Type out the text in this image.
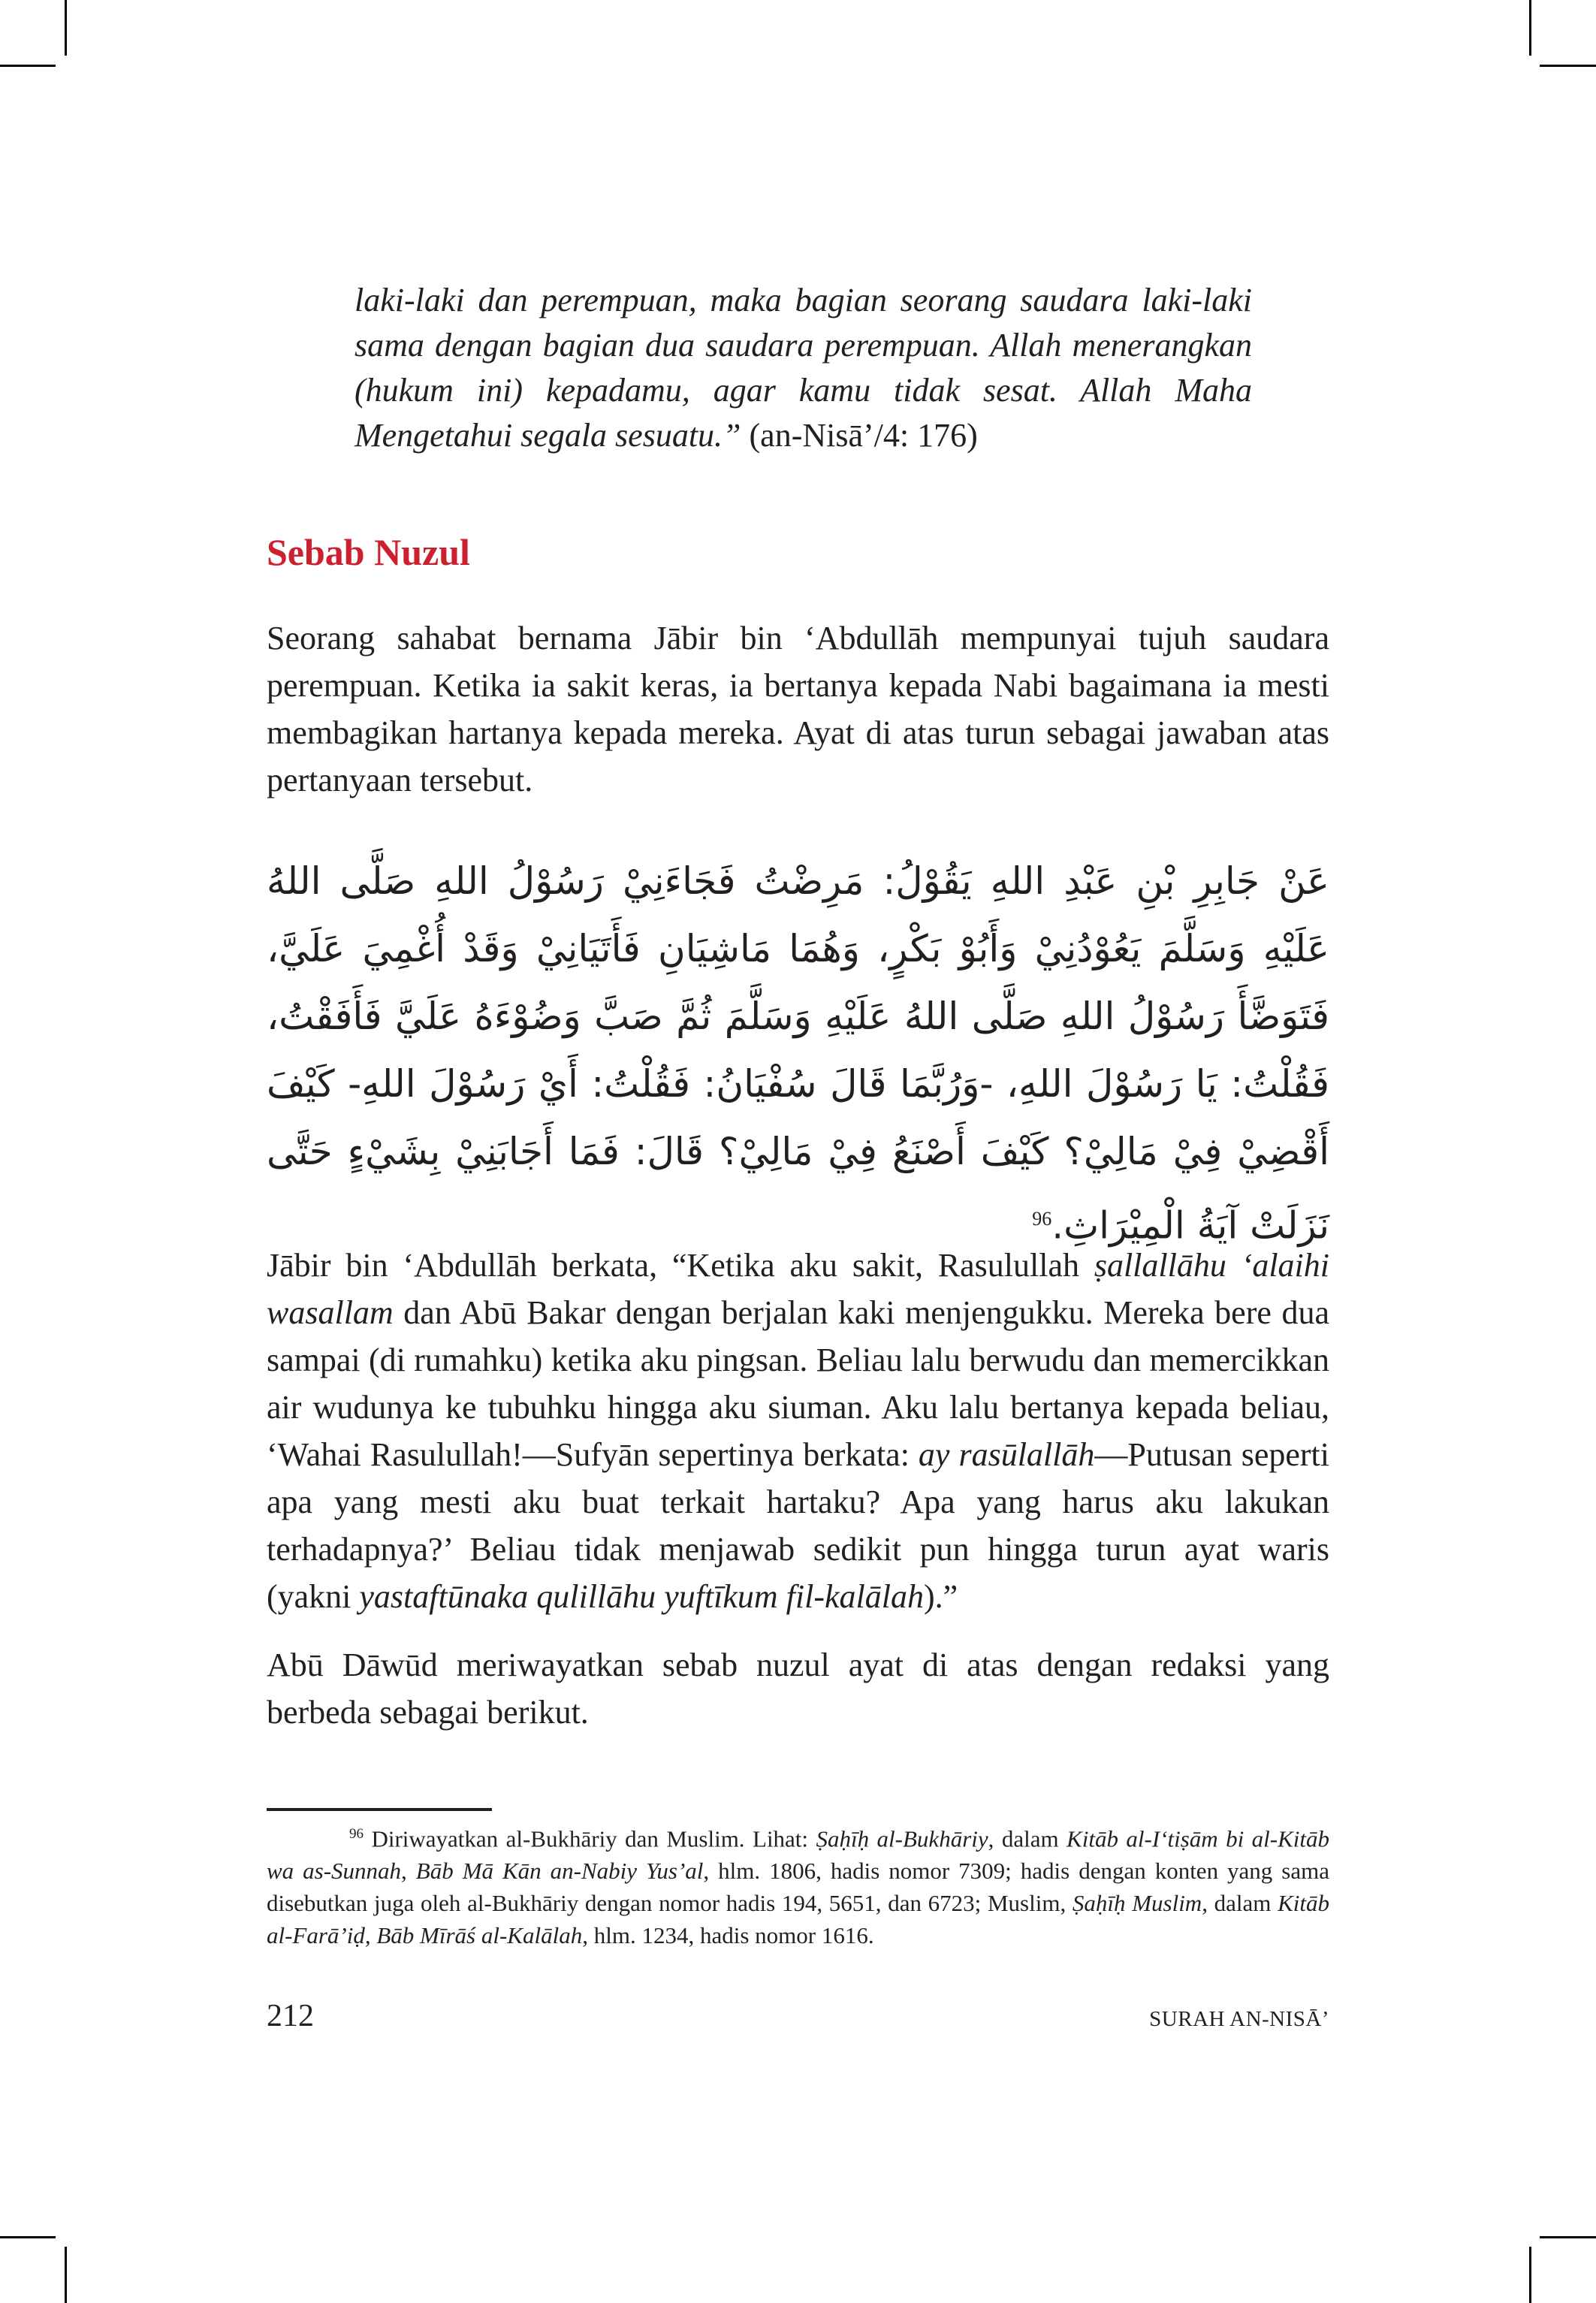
laki-laki dan perempuan, maka bagian seorang saudara laki-laki sama dengan bagian dua saudara perempuan. Allah menerangkan (hukum ini) kepadamu, agar kamu tidak sesat. Allah Maha Mengetahui segala sesuatu.” (an-Nisā’/4: 176)
Sebab Nuzul

Seorang sahabat bernama Jābir bin ‘Abdullāh mempunyai tujuh saudara perempuan. Ketika ia sakit keras, ia bertanya kepada Nabi bagaimana ia mesti membagikan hartanya kepada mereka. Ayat di atas turun sebagai jawaban atas pertanyaan tersebut.

عَنْ جَابِرِ بْنِ عَبْدِ اللهِ يَقُوْلُ: مَرِضْتُ فَجَاءَنِيْ رَسُوْلُ اللهِ صَلَّى اللهُ عَلَيْهِ وَسَلَّمَ يَعُوْدُنِيْ وَأَبُوْ بَكْرٍ، وَهُمَا مَاشِيَانِ فَأَتَيَانِيْ وَقَدْ أُغْمِيَ عَلَيَّ، فَتَوَضَّأَ رَسُوْلُ اللهِ صَلَّى اللهُ عَلَيْهِ وَسَلَّمَ ثُمَّ صَبَّ وَضُوْءَهُ عَلَيَّ فَأَفَقْتُ، فَقُلْتُ: يَا رَسُوْلَ اللهِ، -وَرُبَّمَا قَالَ سُفْيَانُ: فَقُلْتُ: أَيْ رَسُوْلَ اللهِ- كَيْفَ أَقْضِيْ فِيْ مَالِيْ؟ كَيْفَ أَصْنَعُ فِيْ مَالِيْ؟ قَالَ: فَمَا أَجَابَنِيْ بِشَيْءٍ حَتَّى نَزَلَتْ آيَةُ الْمِيْرَاثِ.$^{96}$

Jābir bin ‘Abdullāh berkata, “Ketika aku sakit, Rasulullah ṣallallāhu ‘alaihi wasallam dan Abū Bakar dengan berjalan kaki menjengukku. Mereka bere dua sampai (di rumahku) ketika aku pingsan. Beliau lalu berwudu dan memercikkan air wudunya ke tubuhku hingga aku siuman. Aku lalu bertanya kepada beliau, ‘Wahai Rasulullah!—Sufyān sepertinya berkata: ay rasūlallāh—Putusan seperti apa yang mesti aku buat terkait hartaku? Apa yang harus aku lakukan terhadapnya?’ Beliau tidak menjawab sedikit pun hingga turun ayat waris (yakni yastaftūnaka qulillāhu yuftīkum fil-kalālah).”

Abū Dāwūd meriwayatkan sebab nuzul ayat di atas dengan redaksi yang berbeda sebagai berikut.

$^{96}$ Diriwayatkan al-Bukhāriy dan Muslim. Lihat: Ṣaḥīḥ al-Bukhāriy, dalam Kitāb al-I‘tiṣām bi al-Kitāb wa as-Sunnah, Bāb Mā Kān an-Nabiy Yus’al, hlm. 1806, hadis nomor 7309; hadis dengan konten yang sama disebutkan juga oleh al-Bukhāriy dengan nomor hadis 194, 5651, dan 6723; Muslim, Ṣaḥīḥ Muslim, dalam Kitāb al-Farā’iḍ, Bāb Mīrāś al-Kalālah, hlm. 1234, hadis nomor 1616.
212	SURAH AN-NISĀ’
